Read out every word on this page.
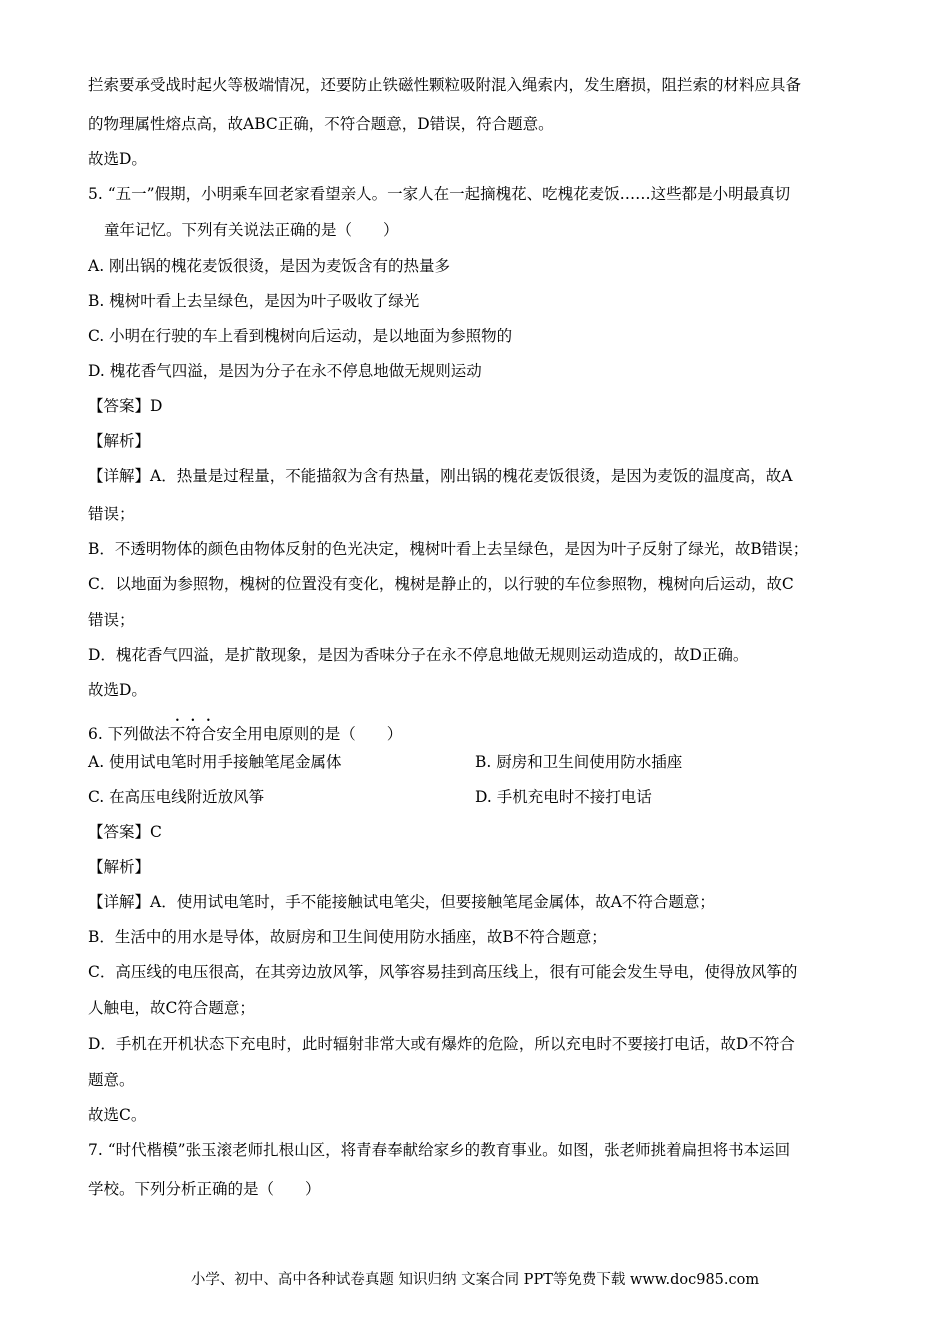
拦索要承受战时起火等极端情况，还要防止铁磁性颗粒吸附混入绳索内，发生磨损，阻拦索的材料应具备
的物理属性熔点高，故ABC正确，不符合题意，D错误，符合题意。
故选D。
5. “五一”假期，小明乘车回老家看望亲人。一家人在一起摘槐花、吃槐花麦饭……这些都是小明最真切
童年记忆。下列有关说法正确的是（　　）
A. 刚出锅的槐花麦饭很烫，是因为麦饭含有的热量多
B. 槐树叶看上去呈绿色，是因为叶子吸收了绿光
C. 小明在行驶的车上看到槐树向后运动，是以地面为参照物的
D. 槐花香气四溢，是因为分子在永不停息地做无规则运动
【答案】D
【解析】
【详解】A．热量是过程量，不能描叙为含有热量，刚出锅的槐花麦饭很烫，是因为麦饭的温度高，故A
错误；
B．不透明物体的颜色由物体反射的色光决定，槐树叶看上去呈绿色，是因为叶子反射了绿光，故B错误；
C．以地面为参照物，槐树的位置没有变化，槐树是静止的，以行驶的车位参照物，槐树向后运动，故C
错误；
D．槐花香气四溢，是扩散现象，是因为香味分子在永不停息地做无规则运动造成的，故D正确。
故选D。
6. 下列做法不符合安全用电原则的是（　　）
A. 使用试电笔时用手接触笔尾金属体	B. 厨房和卫生间使用防水插座
C. 在高压电线附近放风筝	D. 手机充电时不接打电话
【答案】C
【解析】
【详解】A．使用试电笔时，手不能接触试电笔尖，但要接触笔尾金属体，故A不符合题意；
B．生活中的用水是导体，故厨房和卫生间使用防水插座，故B不符合题意；
C．高压线的电压很高，在其旁边放风筝，风筝容易挂到高压线上，很有可能会发生导电，使得放风筝的
人触电，故C符合题意；
D．手机在开机状态下充电时，此时辐射非常大或有爆炸的危险，所以充电时不要接打电话，故D不符合
题意。
故选C。
7. “时代楷模”张玉滚老师扎根山区，将青春奉献给家乡的教育事业。如图，张老师挑着扁担将书本运回
学校。下列分析正确的是（　　）
小学、初中、高中各种试卷真题 知识归纳 文案合同 PPT等免费下载 www.doc985.com
